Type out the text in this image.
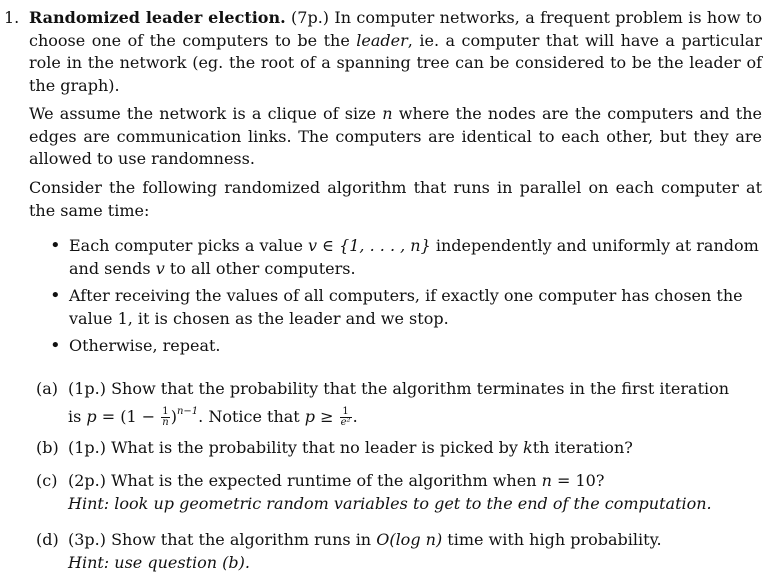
1. Randomized leader election. (7p.) In computer networks, a frequent problem is how to choose one of the computers to be the leader, ie. a computer that will have a particular role in the network (eg. the root of a spanning tree can be considered to be the leader of the graph).
We assume the network is a clique of size n where the nodes are the computers and the edges are communication links. The computers are identical to each other, but they are allowed to use randomness.
Consider the following randomized algorithm that runs in parallel on each computer at the same time:
• Each computer picks a value v ∈ {1, . . . , n} independently and uniformly at random and sends v to all other computers.
• After receiving the values of all computers, if exactly one computer has chosen the value 1, it is chosen as the leader and we stop.
• Otherwise, repeat.
(a) (1p.) Show that the probability that the algorithm terminates in the first iteration
is $p = (1 - \frac{1}{n} )^{n-1}$. Notice that $p \ge \frac{1}{\text{e²}}$ .
(b) (1p.) What is the probability that no leader is picked by kth iteration?
(c) (2p.) What is the expected runtime of the algorithm when n = 10?
Hint: look up geometric random variables to get to the end of the computation.
(d) (3p.) Show that the algorithm runs in O(log n) time with high probability.
Hint: use question (b).
